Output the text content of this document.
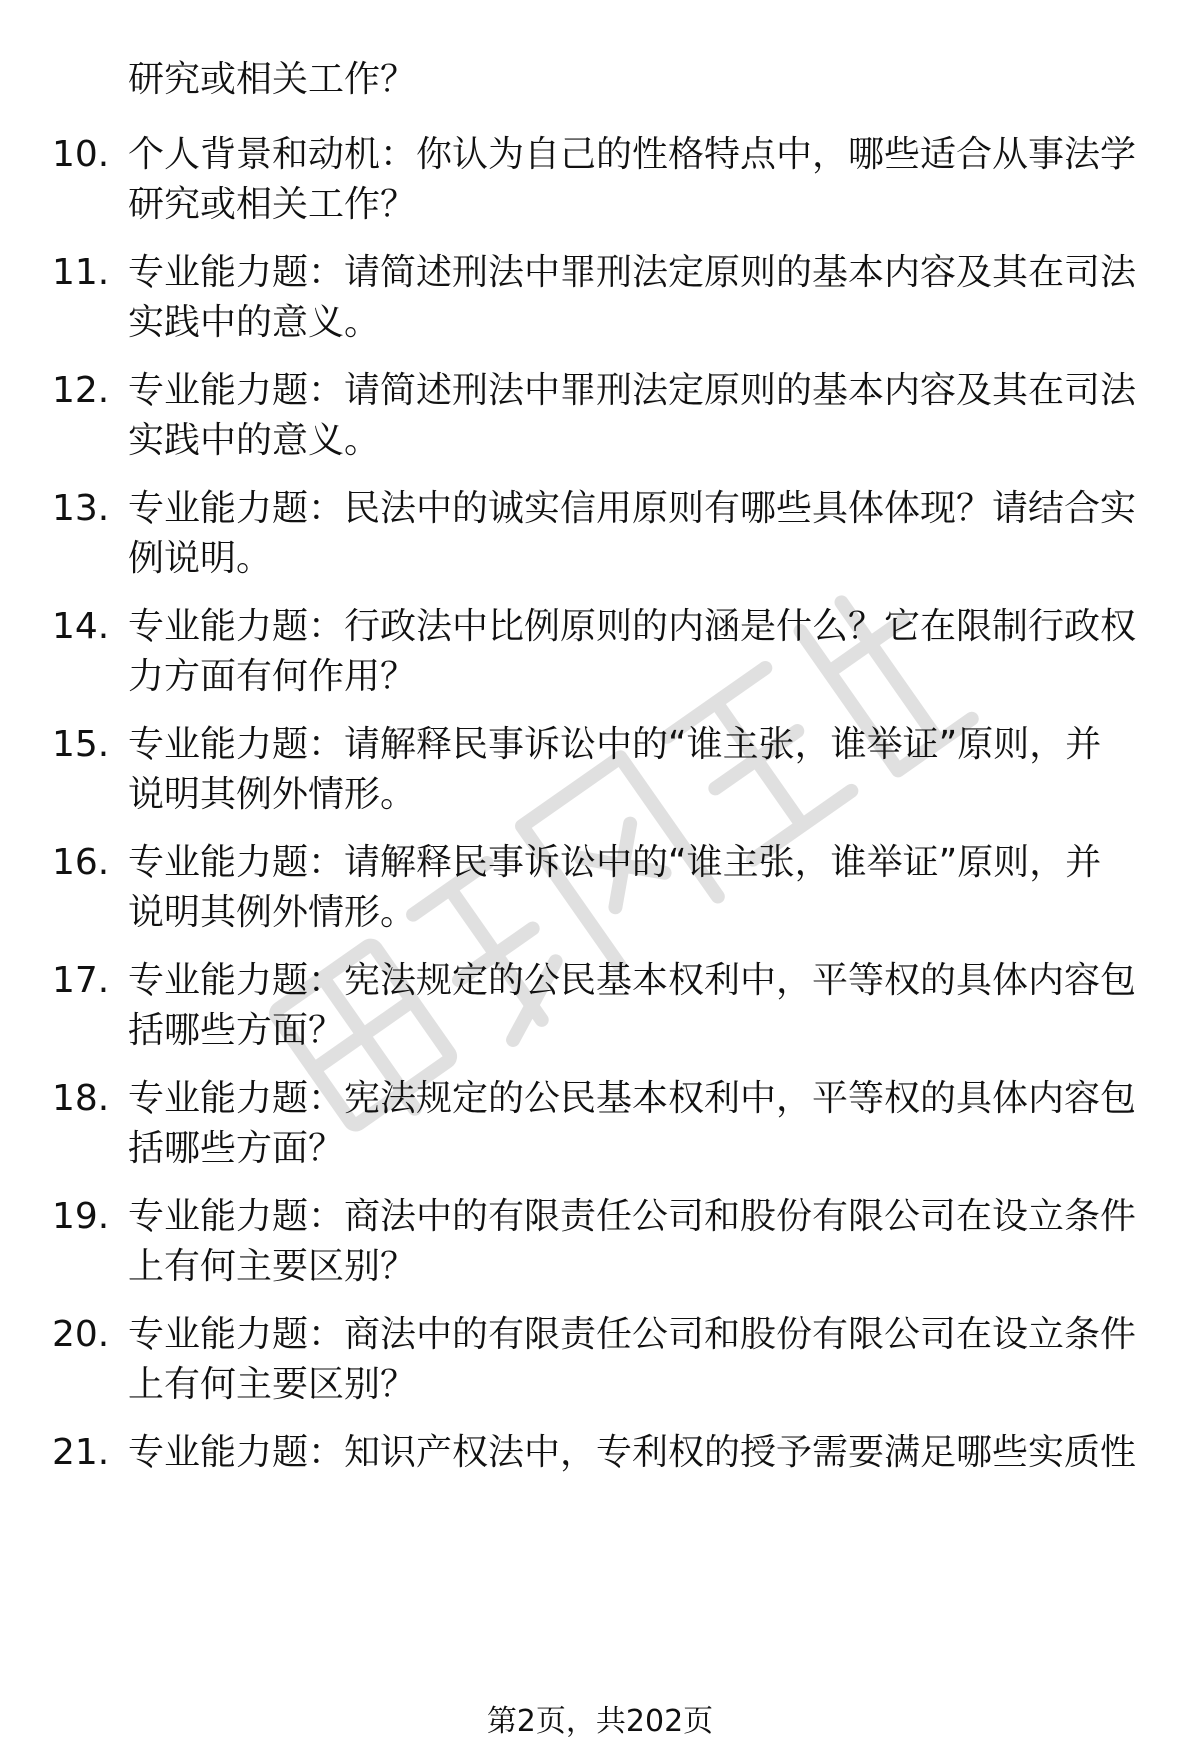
研究或相关工作？
10. 个人背景和动机：你认为自己的性格特点中，哪些适合从事法学
研究或相关工作？
11. 专业能力题：请简述刑法中罪刑法定原则的基本内容及其在司法
实践中的意义。
12. 专业能力题：请简述刑法中罪刑法定原则的基本内容及其在司法
实践中的意义。
13. 专业能力题：民法中的诚实信用原则有哪些具体体现？请结合实
例说明。
14. 专业能力题：行政法中比例原则的内涵是什么？它在限制行政权
力方面有何作用？
15. 专业能力题：请解释民事诉讼中的“谁主张，谁举证”原则，并
说明其例外情形。
16. 专业能力题：请解释民事诉讼中的“谁主张，谁举证”原则，并
说明其例外情形。
17. 专业能力题：宪法规定的公民基本权利中，平等权的具体内容包
括哪些方面？
18. 专业能力题：宪法规定的公民基本权利中，平等权的具体内容包
括哪些方面？
19. 专业能力题：商法中的有限责任公司和股份有限公司在设立条件
上有何主要区别？
20. 专业能力题：商法中的有限责任公司和股份有限公司在设立条件
上有何主要区别？
21. 专业能力题：知识产权法中，专利权的授予需要满足哪些实质性
第2页，共202页
